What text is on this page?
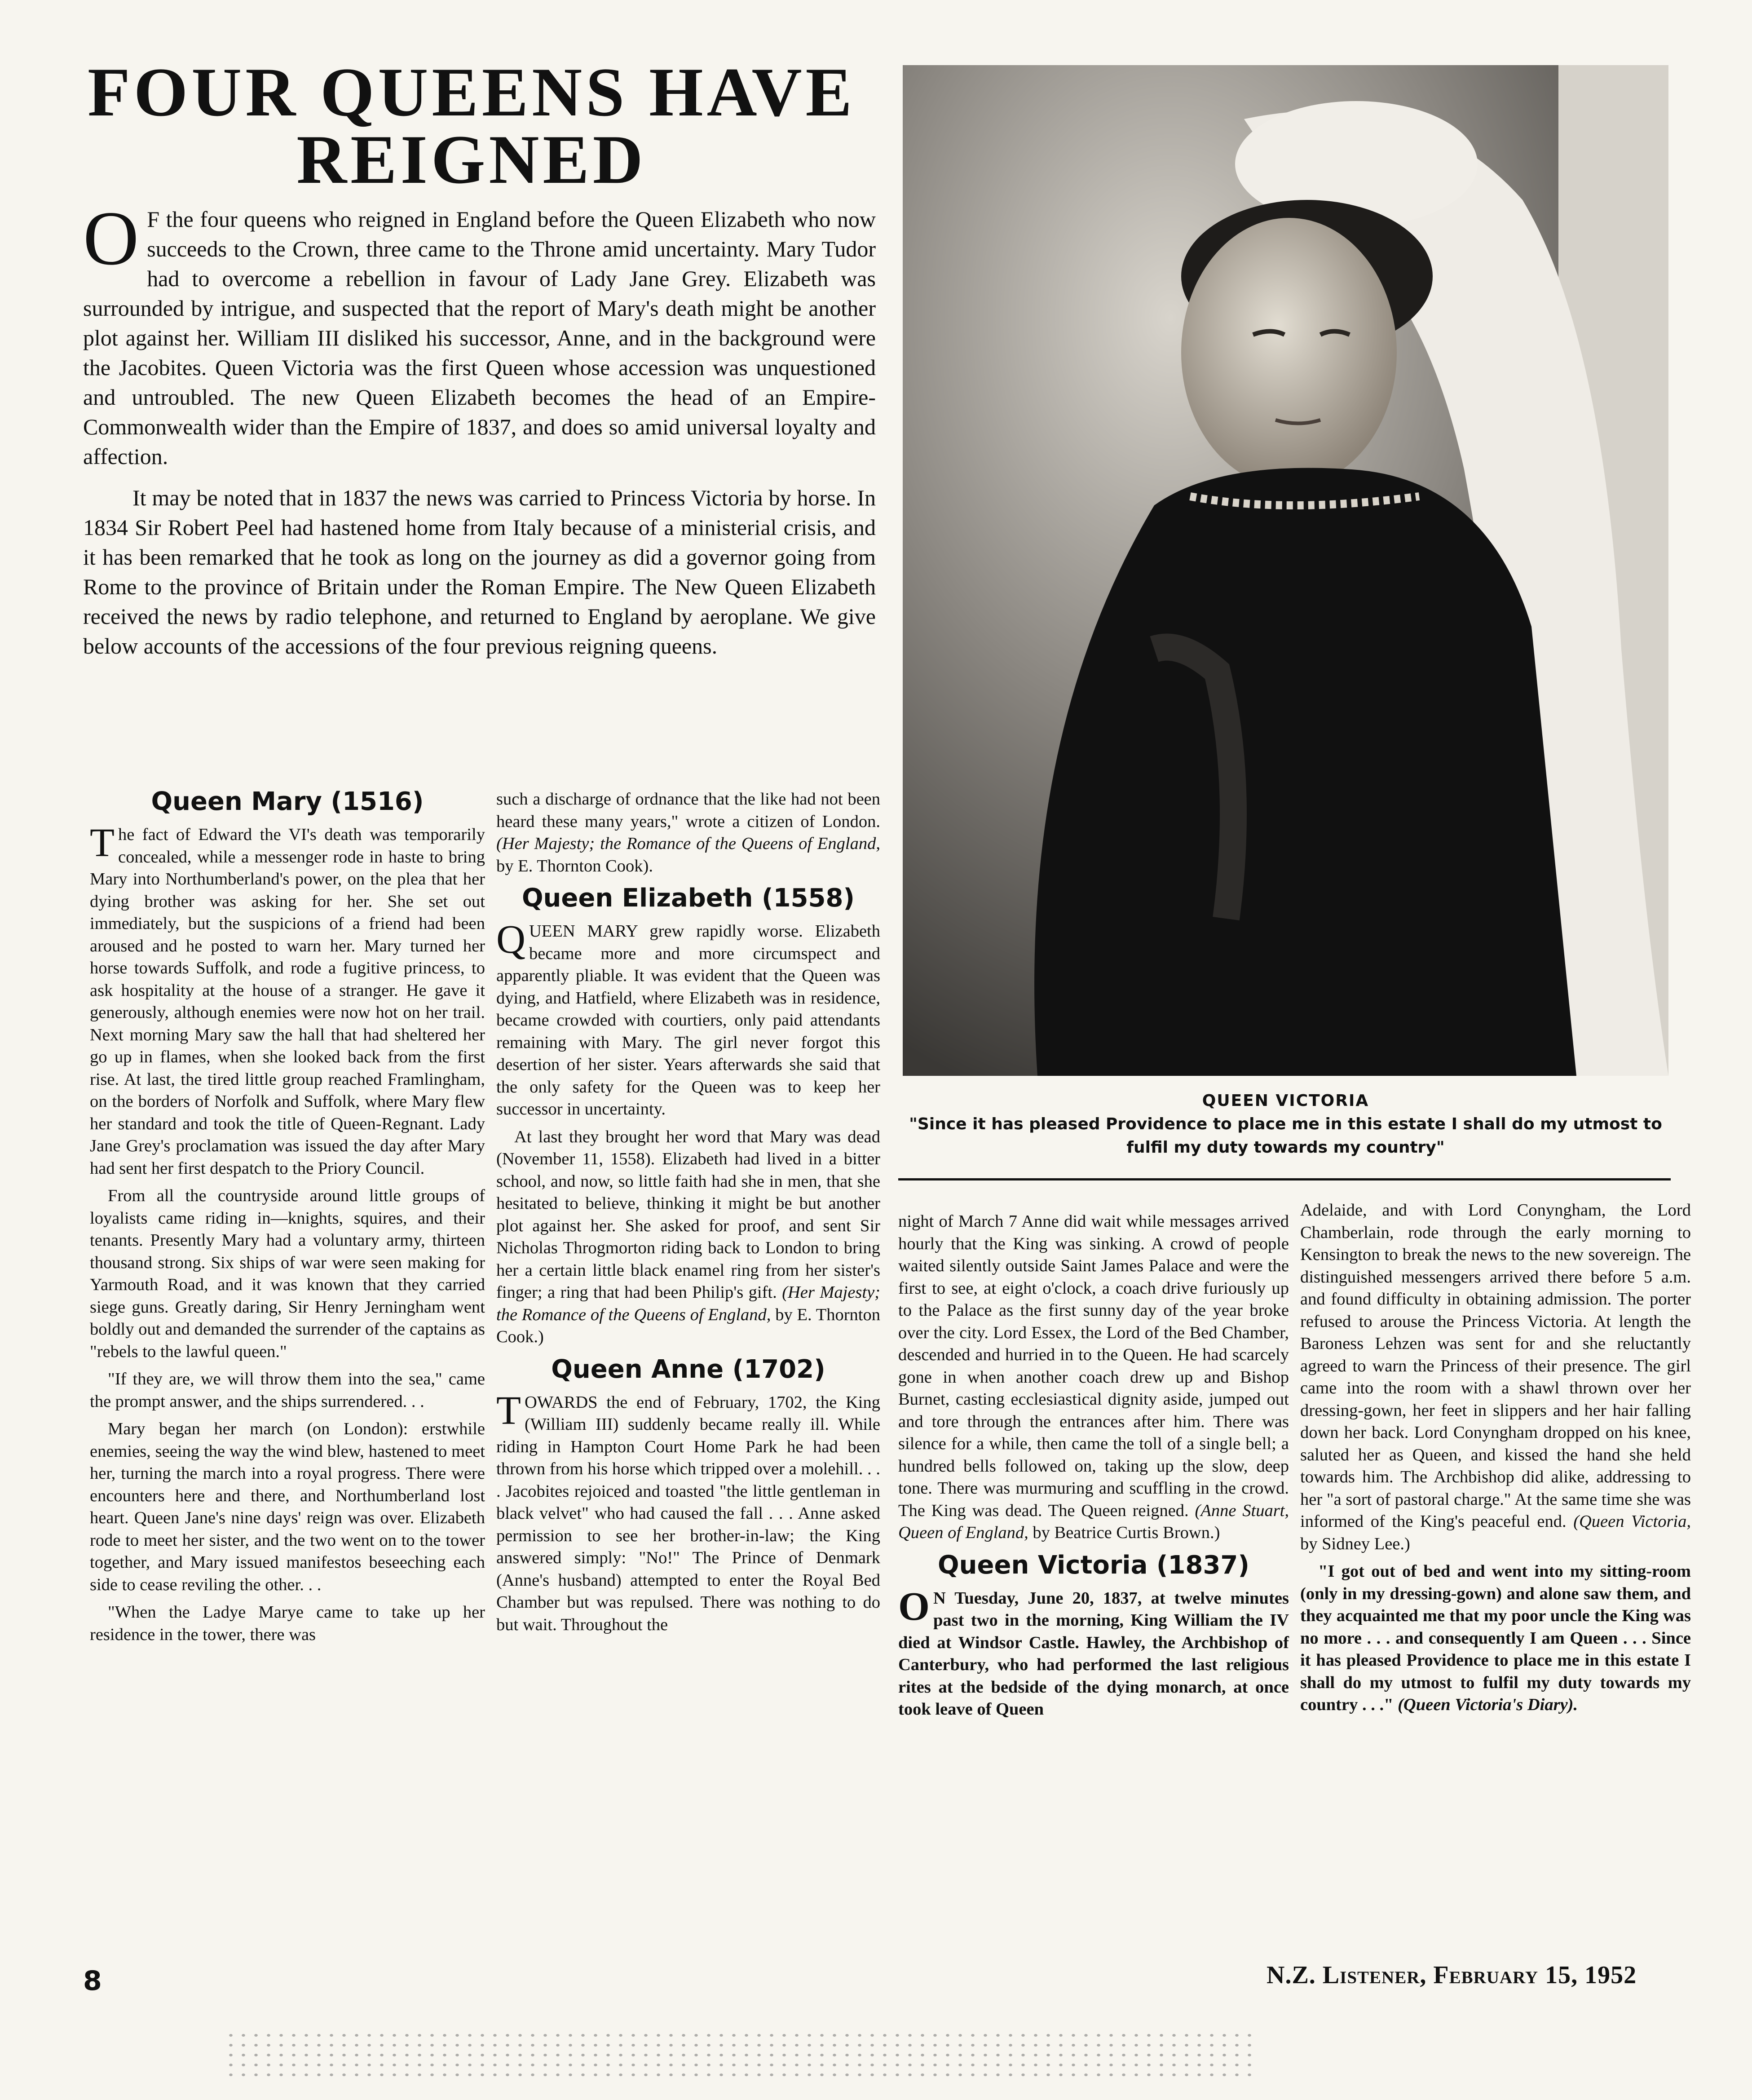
FOUR QUEENS HAVE REIGNED

O F the four queens who reigned in England before the Queen Elizabeth who now succeeds to the Crown, three came to the Throne amid uncertainty. Mary Tudor had to overcome a rebellion in favour of Lady Jane Grey. Elizabeth was surrounded by intrigue, and suspected that the report of Mary's death might be another plot against her. William III disliked his successor, Anne, and in the background were the Jacobites. Queen Victoria was the first Queen whose accession was unquestioned and untroubled. The new Queen Elizabeth becomes the head of an Empire-Commonwealth wider than the Empire of 1837, and does so amid universal loyalty and affection.

It may be noted that in 1837 the news was carried to Princess Victoria by horse. In 1834 Sir Robert Peel had hastened home from Italy because of a ministerial crisis, and it has been remarked that he took as long on the journey as did a governor going from Rome to the province of Britain under the Roman Empire. The New Queen Elizabeth received the news by radio telephone, and returned to England by aeroplane. We give below accounts of the accessions of the four previous reigning queens.

Queen Mary (1516)

The fact of Edward the VI's death was temporarily concealed, while a messenger rode in haste to bring Mary into Northumberland's power, on the plea that her dying brother was asking for her. She set out immediately, but the suspicions of a friend had been aroused and he posted to warn her. Mary turned her horse towards Suffolk, and rode a fugitive princess, to ask hospitality at the house of a stranger. He gave it generously, although enemies were now hot on her trail. Next morning Mary saw the hall that had sheltered her go up in flames, when she looked back from the first rise. At last, the tired little group reached Framlingham, on the borders of Norfolk and Suffolk, where Mary flew her standard and took the title of Queen-Regnant. Lady Jane Grey's proclamation was issued the day after Mary had sent her first despatch to the Priory Council.

From all the countryside around little groups of loyalists came riding in—knights, squires, and their tenants. Presently Mary had a voluntary army, thirteen thousand strong. Six ships of war were seen making for Yarmouth Road, and it was known that they carried siege guns. Greatly daring, Sir Henry Jerningham went boldly out and demanded the surrender of the captains as "rebels to the lawful queen."

"If they are, we will throw them into the sea," came the prompt answer, and the ships surrendered. . .

Mary began her march (on London): erstwhile enemies, seeing the way the wind blew, hastened to meet her, turning the march into a royal progress. There were encounters here and there, and Northumberland lost heart. Queen Jane's nine days' reign was over. Elizabeth rode to meet her sister, and the two went on to the tower together, and Mary issued manifestos beseeching each side to cease reviling the other. . .

"When the Ladye Marye came to take up her residence in the tower, there was

such a discharge of ordnance that the like had not been heard these many years," wrote a citizen of London. (Her Majesty; the Romance of the Queens of England, by E. Thornton Cook).

Queen Elizabeth (1558)

QUEEN MARY grew rapidly worse. Elizabeth became more and more circumspect and apparently pliable. It was evident that the Queen was dying, and Hatfield, where Elizabeth was in residence, became crowded with courtiers, only paid attendants remaining with Mary. The girl never forgot this desertion of her sister. Years afterwards she said that the only safety for the Queen was to keep her successor in uncertainty.

At last they brought her word that Mary was dead (November 11, 1558). Elizabeth had lived in a bitter school, and now, so little faith had she in men, that she hesitated to believe, thinking it might be but another plot against her. She asked for proof, and sent Sir Nicholas Throgmorton riding back to London to bring her a certain little black enamel ring from her sister's finger; a ring that had been Philip's gift. (Her Majesty; the Romance of the Queens of England, by E. Thornton Cook.)

Queen Anne (1702)

TOWARDS the end of February, 1702, the King (William III) suddenly became really ill. While riding in Hampton Court Home Park he had been thrown from his horse which tripped over a molehill. . . . Jacobites rejoiced and toasted "the little gentleman in black velvet" who had caused the fall . . . Anne asked permission to see her brother-in-law; the King answered simply: "No!" The Prince of Denmark (Anne's husband) attempted to enter the Royal Bed Chamber but was repulsed. There was nothing to do but wait. Throughout the

QUEEN VICTORIA
"Since it has pleased Providence to place me in this estate I shall do my utmost to fulfil my duty towards my country"

night of March 7 Anne did wait while messages arrived hourly that the King was sinking. A crowd of people waited silently outside Saint James Palace and were the first to see, at eight o'clock, a coach drive furiously up to the Palace as the first sunny day of the year broke over the city. Lord Essex, the Lord of the Bed Chamber, descended and hurried in to the Queen. He had scarcely gone in when another coach drew up and Bishop Burnet, casting ecclesiastical dignity aside, jumped out and tore through the entrances after him. There was silence for a while, then came the toll of a single bell; a hundred bells followed on, taking up the slow, deep tone. There was murmuring and scuffling in the crowd. The King was dead. The Queen reigned. (Anne Stuart, Queen of England, by Beatrice Curtis Brown.)

Queen Victoria (1837)

O N Tuesday, June 20, 1837, at twelve minutes past two in the morning, King William the IV died at Windsor Castle. Hawley, the Archbishop of Canterbury, who had performed the last religious rites at the bedside of the dying monarch, at once took leave of Queen

Adelaide, and with Lord Conyngham, the Lord Chamberlain, rode through the early morning to Kensington to break the news to the new sovereign. The distinguished messengers arrived there before 5 a.m. and found difficulty in obtaining admission. The porter refused to arouse the Princess Victoria. At length the Baroness Lehzen was sent for and she reluctantly agreed to warn the Princess of their presence. The girl came into the room with a shawl thrown over her dressing-gown, her feet in slippers and her hair falling down her back. Lord Conyngham dropped on his knee, saluted her as Queen, and kissed the hand she held towards him. The Archbishop did alike, addressing to her "a sort of pastoral charge." At the same time she was informed of the King's peaceful end. (Queen Victoria, by Sidney Lee.)

"I got out of bed and went into my sitting-room (only in my dressing-gown) and alone saw them, and they acquainted me that my poor uncle the King was no more . . . and consequently I am Queen . . . Since it has pleased Providence to place me in this estate I shall do my utmost to fulfil my duty towards my country . . ." (Queen Victoria's Diary).

8	N.Z. Listener, February 15, 1952
